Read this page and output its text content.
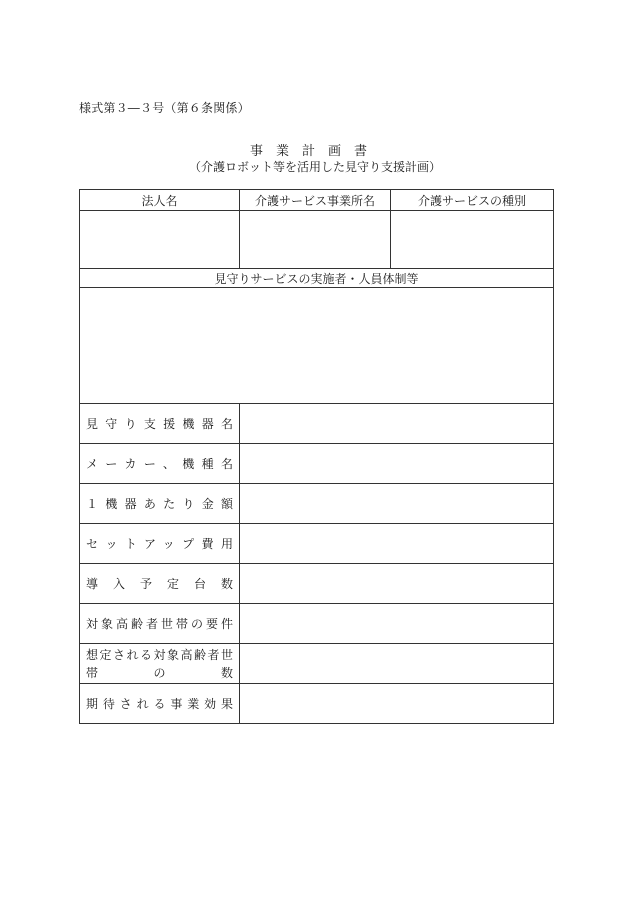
様式第３―３号（第６条関係）
事業計画書
（介護ロボット等を活用した見守り支援計画）
法人名	介護サービス事業所名	介護サービスの種別

見守りサービスの実施者・人員体制等		

見守り支援機器名		

メーカー、機種名		

１機器あたり金額		

セットアップ費用		

導入予定台数		

対象高齢者世帯の要件		

想定される対象高齢者世
帯の数		

期待される事業効果		
